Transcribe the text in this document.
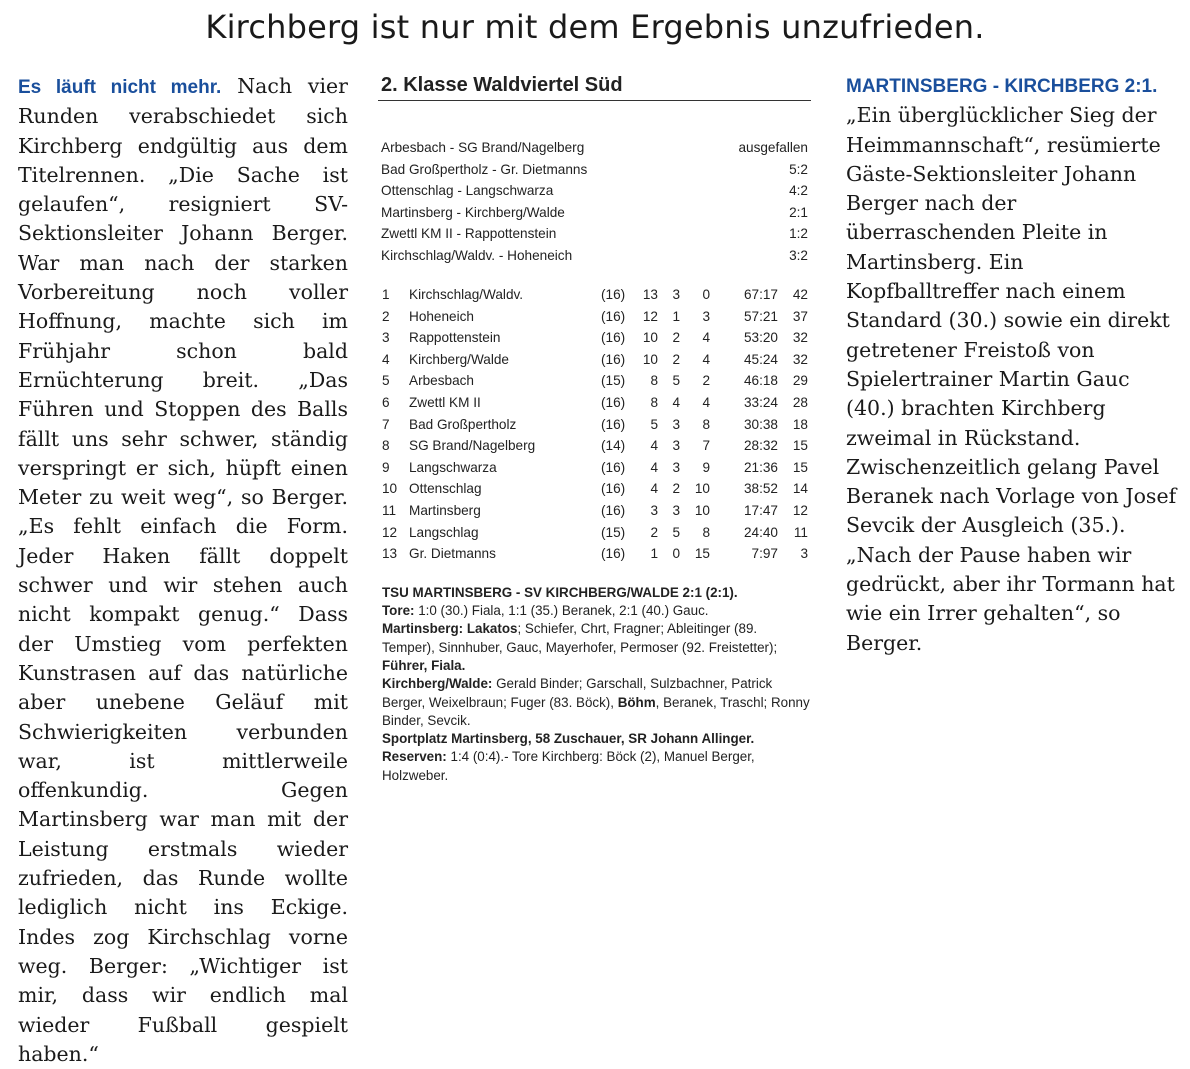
Kirchberg ist nur mit dem Ergebnis unzufrieden.
Es läuft nicht mehr. Nach vier Runden verabschiedet sich Kirchberg endgültig aus dem Titelrennen. „Die Sache ist gelaufen“, resigniert SV-Sektionsleiter Johann Berger. War man nach der starken Vorbereitung noch voller Hoffnung, machte sich im Frühjahr schon bald Ernüchterung breit. „Das Führen und Stoppen des Balls fällt uns sehr schwer, ständig verspringt er sich, hüpft einen Meter zu weit weg“, so Berger. „Es fehlt einfach die Form. Jeder Haken fällt doppelt schwer und wir stehen auch nicht kompakt genug.“ Dass der Umstieg vom perfekten Kunstrasen auf das natürliche aber unebene Geläuf mit Schwierigkeiten verbunden war, ist mittlerweile offenkundig. Gegen Martinsberg war man mit der Leistung erstmals wieder zufrieden, das Runde wollte lediglich nicht ins Eckige. Indes zog Kirchschlag vorne weg. Berger: „Wichtiger ist mir, dass wir endlich mal wieder Fußball gespielt haben.“
2. Klasse Waldviertel Süd
Arbesbach - SG Brand/Nagelberg	ausgefallen
Bad Großpertholz - Gr. Dietmanns	5:2
Ottenschlag - Langschwarza	4:2
Martinsberg - Kirchberg/Walde	2:1
Zwettl KM II - Rappottenstein	1:2
Kirchschlag/Waldv. - Hoheneich	3:2
1	Kirchschlag/Waldv.	(16)	13	3	0	67:17	42
2	Hoheneich	(16)	12	1	3	57:21	37
3	Rappottenstein	(16)	10	2	4	53:20	32
4	Kirchberg/Walde	(16)	10	2	4	45:24	32
5	Arbesbach	(15)	8	5	2	46:18	29
6	Zwettl KM II	(16)	8	4	4	33:24	28
7	Bad Großpertholz	(16)	5	3	8	30:38	18
8	SG Brand/Nagelberg	(14)	4	3	7	28:32	15
9	Langschwarza	(16)	4	3	9	21:36	15
10 Ottenschlag	(16)	4	2	10	38:52	14
11 Martinsberg	(16)	3	3	10	17:47	12
12 Langschlag	(15)	2	5	8	24:40	11
13 Gr. Dietmanns	(16)	1	0	15	7:97	3

TSU MARTINSBERG - SV KIRCHBERG/WALDE 2:1 (2:1).

Tore: 1:0 (30.) Fiala, 1:1 (35.) Beranek, 2:1 (40.) Gauc.

Martinsberg: Lakatos; Schiefer, Chrt, Fragner; Ableitinger (89. Temper), Sinnhuber, Gauc, Mayerhofer, Permoser (92. Freistetter); Führer, Fiala.

Kirchberg/Walde: Gerald Binder; Garschall, Sulzbachner, Patrick Berger, Weixelbraun; Fuger (83. Böck), Böhm, Beranek, Traschl; Ronny Binder, Sevcik.

Sportplatz Martinsberg, 58 Zuschauer, SR Johann Allinger.

Reserven: 1:4 (0:4).- Tore Kirchberg: Böck (2), Manuel Berger, Holzweber.

MARTINSBERG - KIRCHBERG 2:1.

„Ein überglücklicher Sieg der Heimmannschaft“, resümierte Gäste-Sektionsleiter Johann Berger nach der überraschenden Pleite in Martinsberg. Ein Kopfballtreffer nach einem Standard (30.) sowie ein direkt getretener Freistoß von Spielertrainer Martin Gauc (40.) brachten Kirchberg zweimal in Rückstand. Zwischenzeitlich gelang Pavel Beranek nach Vorlage von Josef Sevcik der Ausgleich (35.). „Nach der Pause haben wir gedrückt, aber ihr Tormann hat wie ein Irrer gehalten“, so Berger.
